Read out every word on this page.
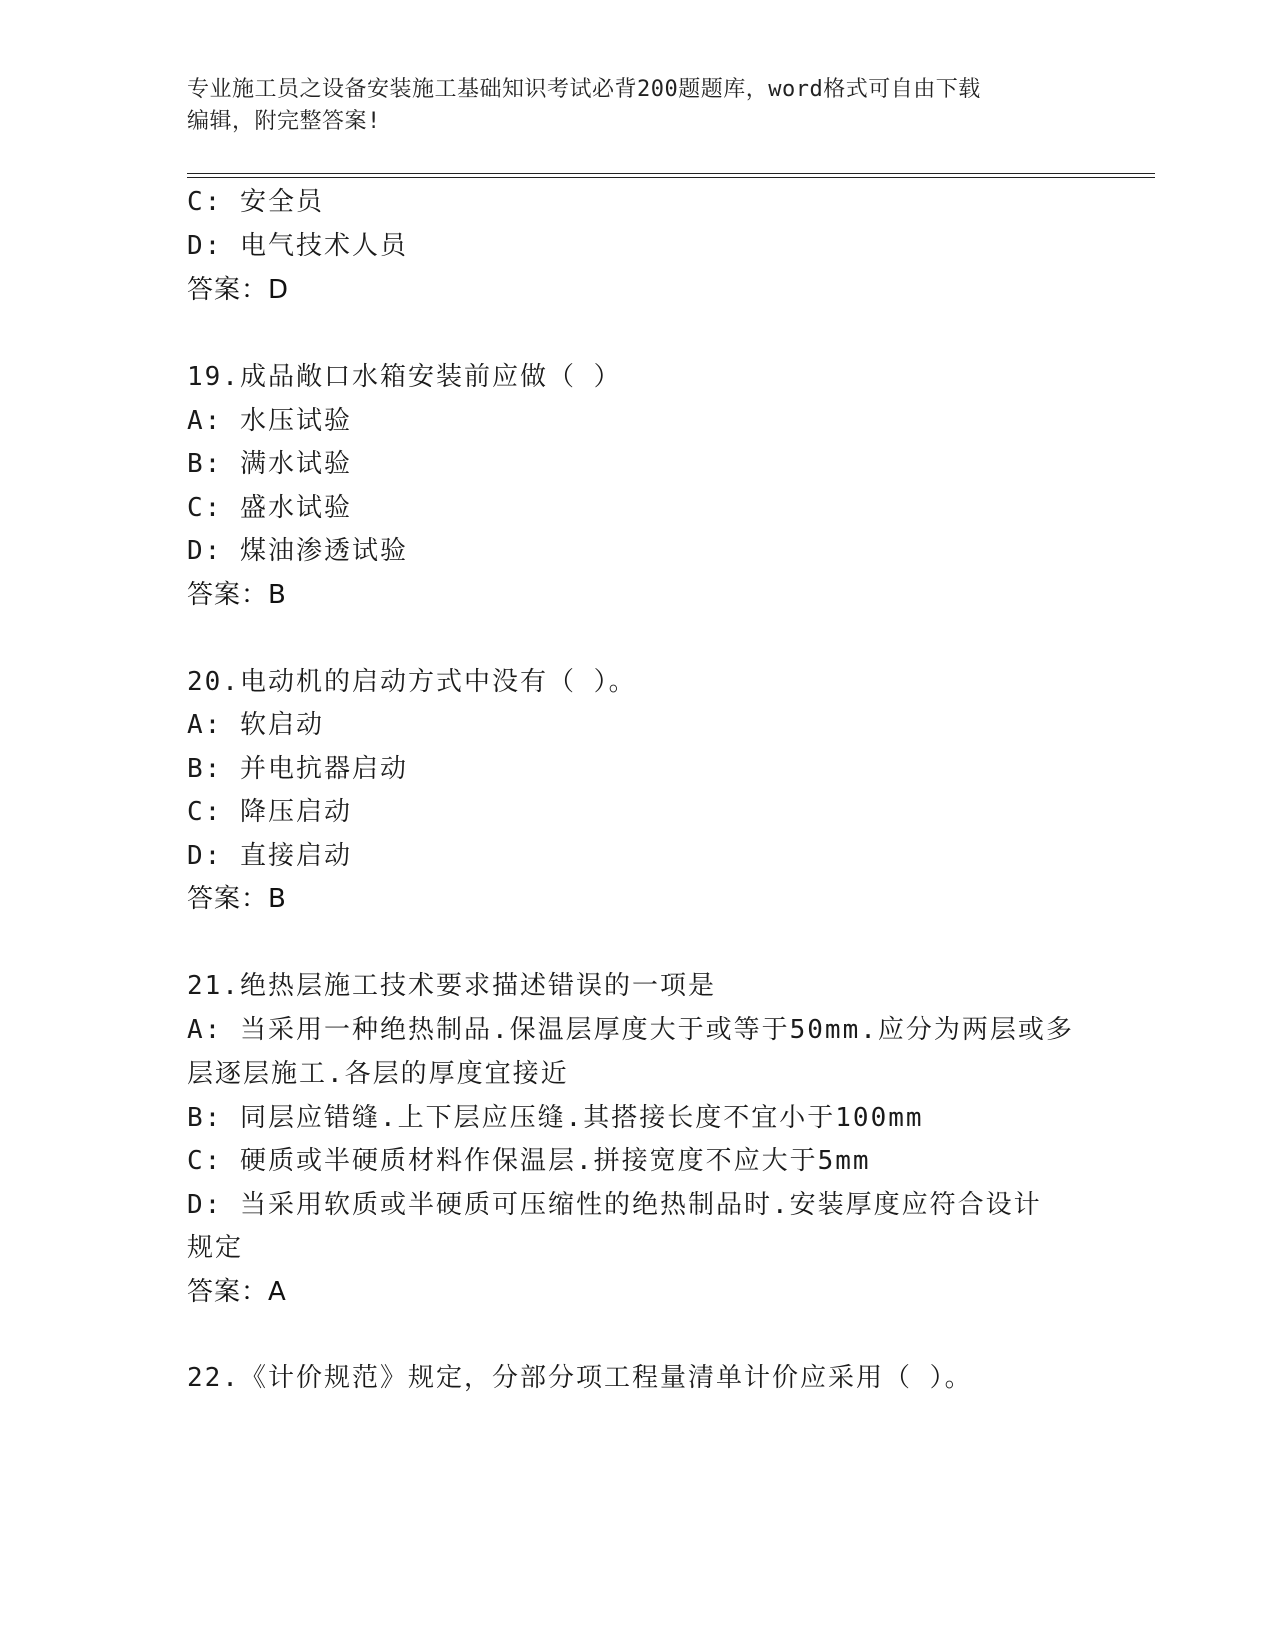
专业施工员之设备安装施工基础知识考试必背200题题库，word格式可自由下载
编辑，附完整答案!
C: 安全员
D: 电气技术人员
答案：D
19.成品敞口水箱安装前应做（ ）
A: 水压试验
B: 满水试验
C: 盛水试验
D: 煤油渗透试验
答案：B
20.电动机的启动方式中没有（ ）。
A: 软启动
B: 并电抗器启动
C: 降压启动
D: 直接启动
答案：B
21.绝热层施工技术要求描述错误的一项是
A: 当采用一种绝热制品.保温层厚度大于或等于50mm.应分为两层或多
层逐层施工.各层的厚度宜接近
B: 同层应错缝.上下层应压缝.其搭接长度不宜小于100mm
C: 硬质或半硬质材料作保温层.拼接宽度不应大于5mm
D: 当采用软质或半硬质可压缩性的绝热制品时.安装厚度应符合设计
规定
答案：A
22.《计价规范》规定，分部分项工程量清单计价应采用（ ）。
